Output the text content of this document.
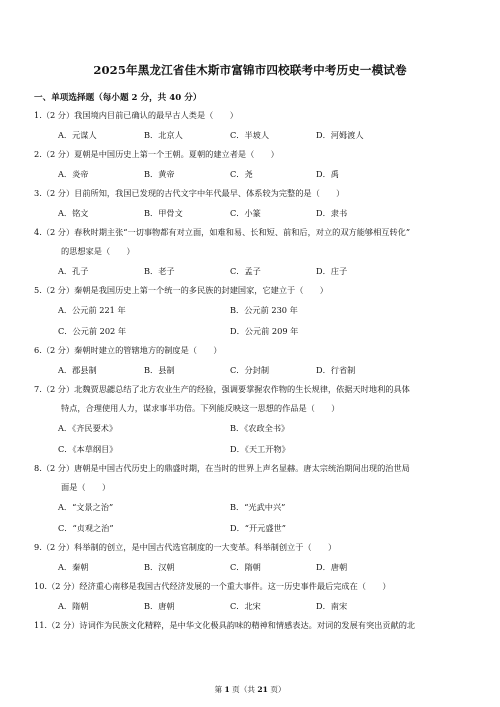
2025年黑龙江省佳木斯市富锦市四校联考中考历史一模试卷
一、单项选择题（每小题 2 分，共 40 分）
1.（2 分）我国境内目前已确认的最早古人类是（　　）
A．元谋人	B．北京人	C．半坡人	D．河姆渡人
2.（2 分）夏朝是中国历史上第一个王朝。夏朝的建立者是（　　）
A．炎帝	B．黄帝	C．尧	D．禹
3.（2 分）目前所知，我国已发现的古代文字中年代最早、体系较为完整的是（　　）
A．铭文	B．甲骨文	C．小篆	D．隶书
4.（2 分）春秋时期主张“一切事物都有对立面，如难和易、长和短、前和后，对立的双方能够相互转化”
的思想家是（　　）
A．孔子	B．老子	C．孟子	D．庄子
5.（2 分）秦朝是我国历史上第一个统一的多民族的封建国家，它建立于（　　）
A．公元前 221 年	B．公元前 230 年
C．公元前 202 年	D．公元前 209 年
6.（2 分）秦朝时建立的管辖地方的制度是（　　）
A．郡县制	B．县制	C．分封制	D．行省制
7.（2 分）北魏贾思勰总结了北方农业生产的经验，强调要掌握农作物的生长规律，依据天时地利的具体
特点，合理使用人力，谋求事半功倍。下列能反映这一思想的作品是（　　）
A．《齐民要术》	B．《农政全书》
C．《本草纲目》	D．《天工开物》
8.（2 分）唐朝是中国古代历史上的鼎盛时期，在当时的世界上声名显赫。唐太宗统治期间出现的治世局
面是（　　）
A．“文景之治”	B．“光武中兴”
C．“贞观之治”	D．“开元盛世”
9.（2 分）科举制的创立，是中国古代选官制度的一大变革。科举制创立于（　　）
A．秦朝	B．汉朝	C．隋朝	D．唐朝
10.（2 分）经济重心南移是我国古代经济发展的一个重大事件。这一历史事件最后完成在（　　）
A．隋朝	B．唐朝	C．北宋	D．南宋
11.（2 分）诗词作为民族文化精粹，是中华文化极具韵味的精神和情感表达。对词的发展有突出贡献的北
第 1 页（共 21 页）
